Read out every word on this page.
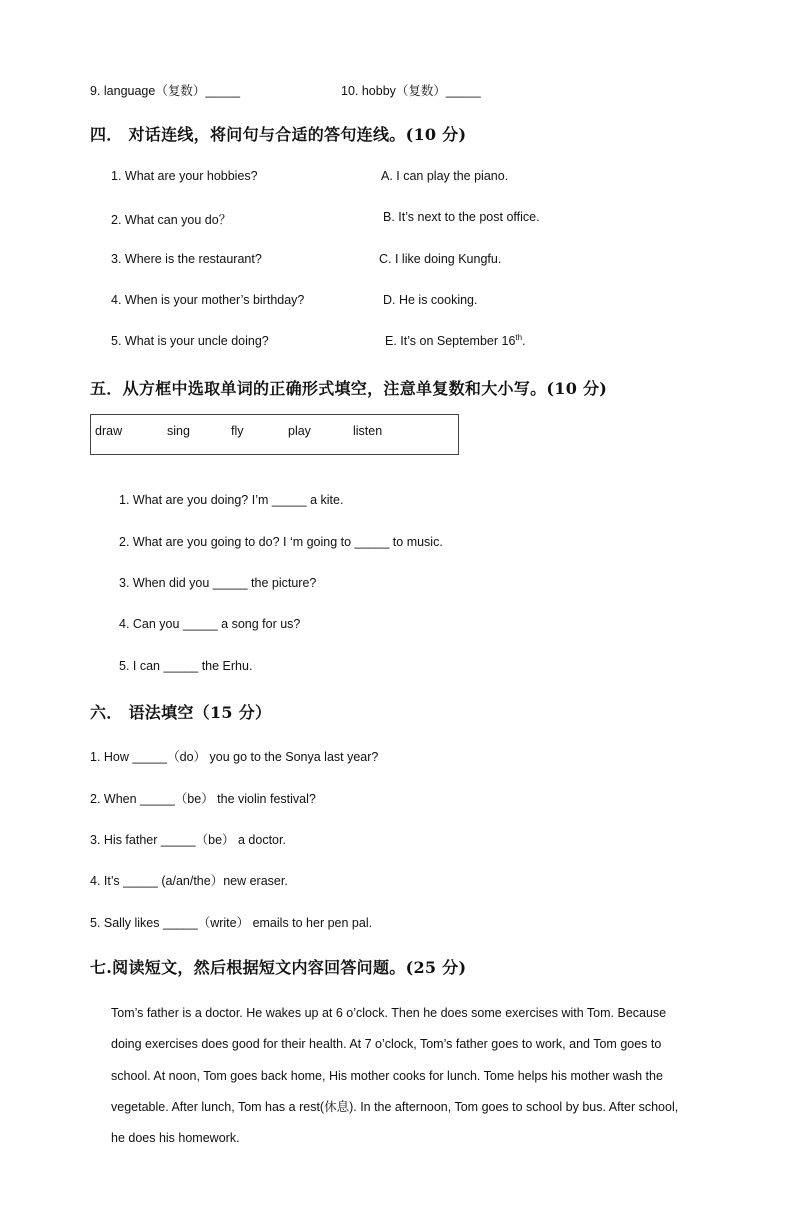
9. language（复数）_____	10. hobby（复数）_____
四． 对话连线，将问句与合适的答句连线。(10 分)
1. What are your hobbies?
2. What can you do？
3. Where is the restaurant?
4. When is your mother’s birthday?
5. What is your uncle doing?
A. I can play the piano.
B. It’s next to the post office.
C. I like doing Kungfu.
D. He is cooking.
E. It’s on September 16th.
五．从方框中选取单词的正确形式填空，注意单复数和大小写。(10 分)
draw	sing	fly	play	listen
1. What are you doing? I’m _____ a kite.
2. What are you going to do? I ‘m going to _____ to music.
3. When did you _____ the picture?
4. Can you _____ a song for us?
5. I can _____ the Erhu.
六． 语法填空（15 分）
1. How _____（do） you go to the Sonya last year?
2. When _____（be） the violin festival?
3. His father _____（be） a doctor.
4. It’s _____ (a/an/the）new eraser.
5. Sally likes _____（write） emails to her pen pal.
七.阅读短文，然后根据短文内容回答问题。(25 分)

Tom’s father is a doctor. He wakes up at 6 o’clock. Then he does some exercises with Tom. Because

doing exercises does good for their health. At 7 o’clock, Tom’s father goes to work, and Tom goes to

school. At noon, Tom goes back home, His mother cooks for lunch. Tome helps his mother wash the

vegetable. After lunch, Tom has a rest(休息). In the afternoon, Tom goes to school by bus. After school,

he does his homework.
